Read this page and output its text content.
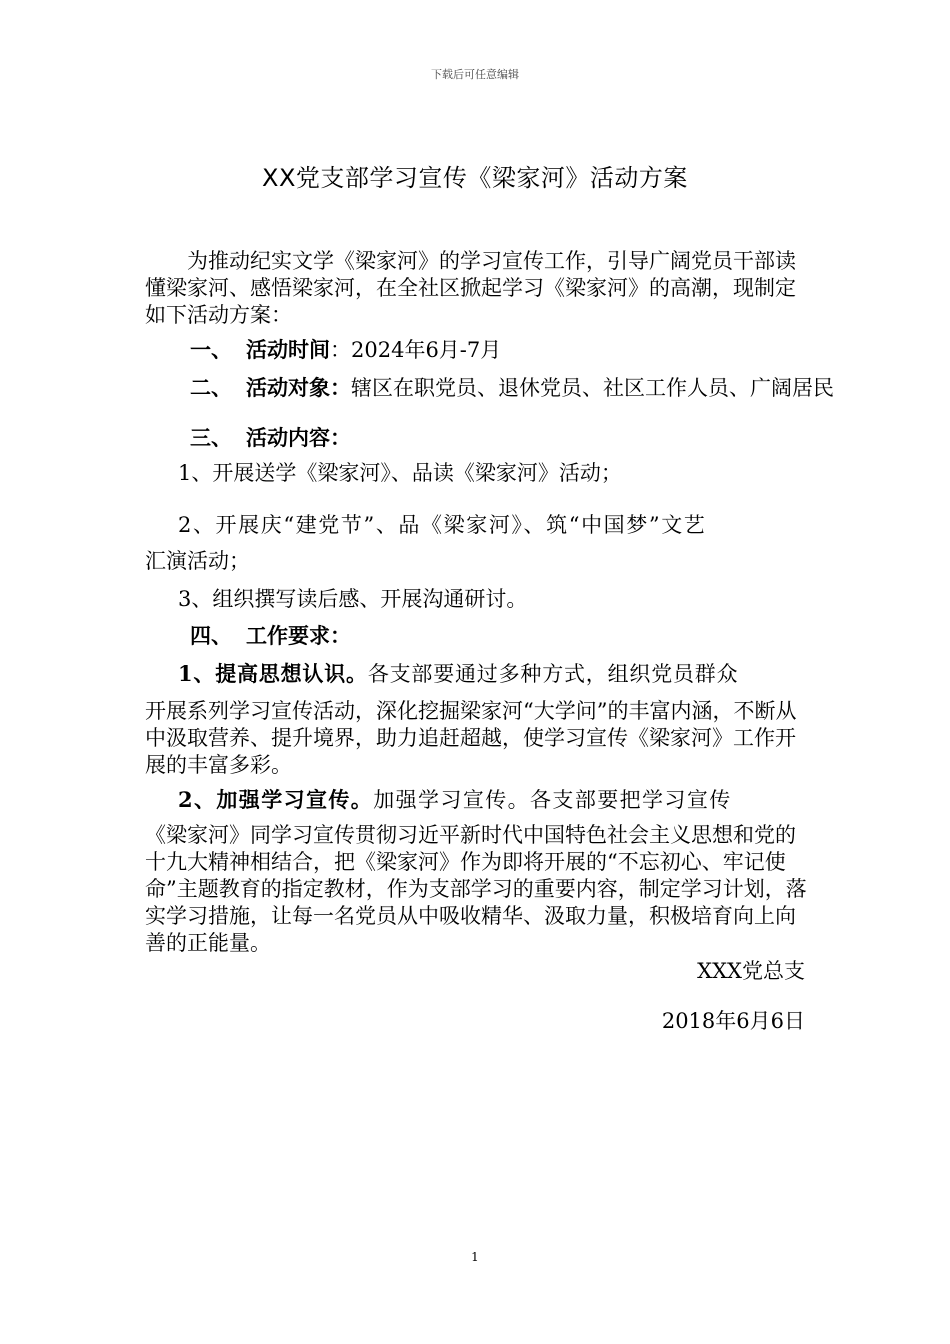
下载后可任意编辑
XX党支部学习宣传《梁家河》活动方案
为推动纪实文学《梁家河》的学习宣传工作，引导广阔党员干部读懂梁家河、感悟梁家河，在全社区掀起学习《梁家河》的高潮，现制定如下活动方案：
一、 活动时间：2024年6月-7月
二、 活动对象：辖区在职党员、退休党员、社区工作人员、广阔居民
三、 活动内容：
1、开展送学《梁家河》、品读《梁家河》活动；
2、开展庆“建党节”、品《梁家河》、筑“中国梦”文艺
汇演活动；
3、组织撰写读后感、开展沟通研讨。
四、 工作要求：
1、提高思想认识。各支部要通过多种方式，组织党员群众
开展系列学习宣传活动，深化挖掘梁家河“大学问”的丰富内涵，不断从中汲取营养、提升境界，助力追赶超越，使学习宣传《梁家河》工作开展的丰富多彩。
2、加强学习宣传。加强学习宣传。各支部要把学习宣传
《梁家河》同学习宣传贯彻习近平新时代中国特色社会主义思想和党的十九大精神相结合，把《梁家河》作为即将开展的“不忘初心、牢记使命”主题教育的指定教材，作为支部学习的重要内容，制定学习计划，落实学习措施，让每一名党员从中吸收精华、汲取力量，积极培育向上向善的正能量。
XXX党总支
2018年6月6日
1
